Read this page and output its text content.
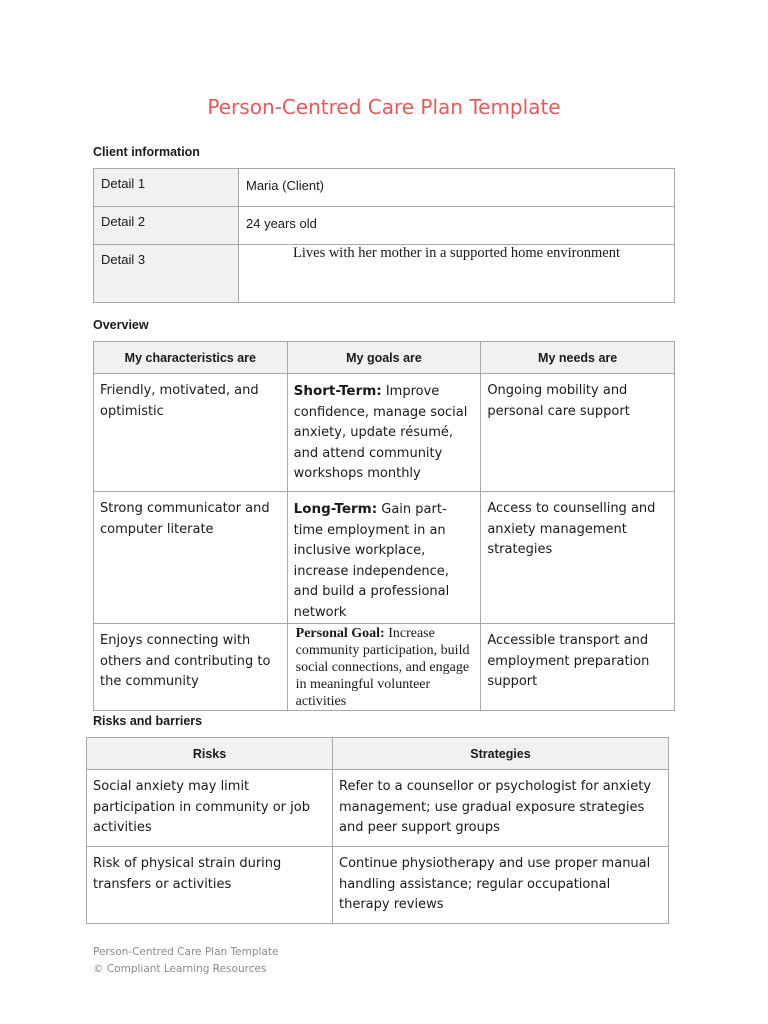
Person-Centred Care Plan Template
Client information
Detail 1	Maria (Client)
Detail 2	24 years old
Detail 3	Lives with her mother in a supported home environment
Overview
My characteristics are	My goals are	My needs are
Friendly, motivated, and optimistic	Short-Term: Improve confidence, manage social anxiety, update résumé, and attend community workshops monthly	Ongoing mobility and personal care support
Strong communicator and computer literate	Long-Term: Gain part-time employment in an inclusive workplace, increase independence, and build a professional network	Access to counselling and anxiety management strategies
Enjoys connecting with others and contributing to the community	Personal Goal: Increase community participation, build social connections, and engage in meaningful volunteer activities	Accessible transport and employment preparation support
Risks and barriers
Risks	Strategies
Social anxiety may limit participation in community or job activities	Refer to a counsellor or psychologist for anxiety management; use gradual exposure strategies and peer support groups
Risk of physical strain during transfers or activities	Continue physiotherapy and use proper manual handling assistance; regular occupational therapy reviews
Person-Centred Care Plan Template
© Compliant Learning Resources
